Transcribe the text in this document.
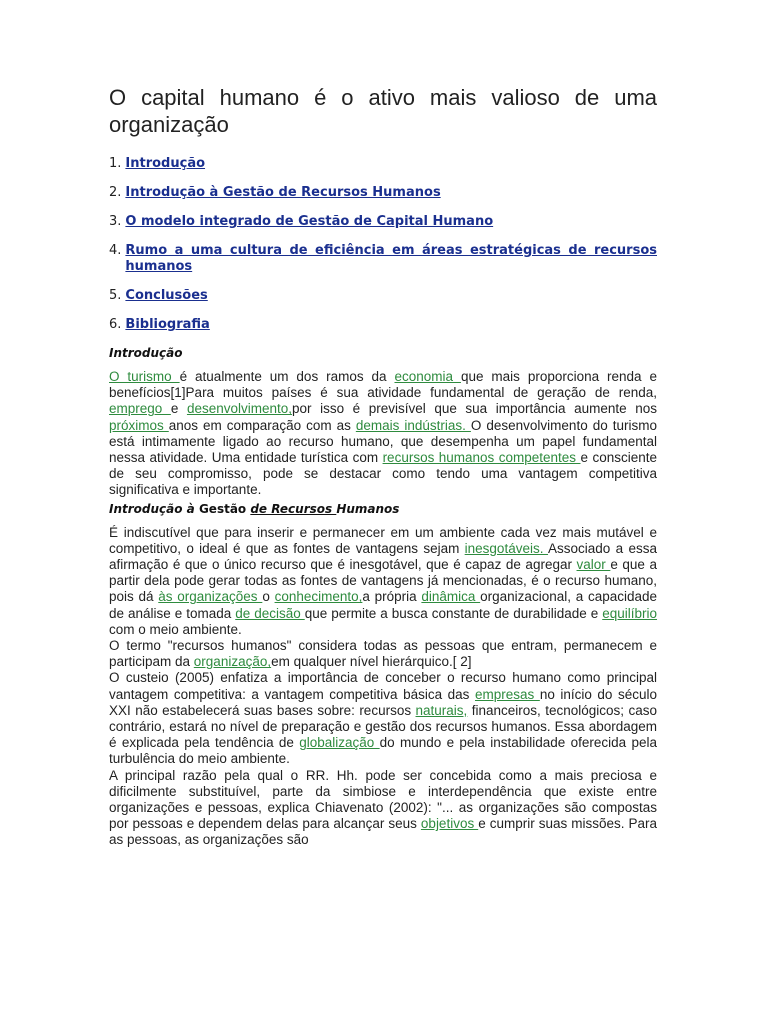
O capital humano é o ativo mais valioso de uma organização
1. Introdução
2. Introdução à Gestão de Recursos Humanos
3. O modelo integrado de Gestão de Capital Humano
4. Rumo a uma cultura de eficiência em áreas estratégicas de recursos humanos
5. Conclusões
6. Bibliografia
Introdução

O turismo é atualmente um dos ramos da economia que mais proporciona renda e benefícios[1]Para muitos países é sua atividade fundamental de geração de renda, emprego e desenvolvimento,por isso é previsível que sua importância aumente nos próximos anos em comparação com as demais indústrias. O desenvolvimento do turismo está intimamente ligado ao recurso humano, que desempenha um papel fundamental nessa atividade. Uma entidade turística com recursos humanos competentes e consciente de seu compromisso, pode se destacar como tendo uma vantagem competitiva significativa e importante.

Introdução à Gestão de Recursos Humanos

É indiscutível que para inserir e permanecer em um ambiente cada vez mais mutável e competitivo, o ideal é que as fontes de vantagens sejam inesgotáveis. Associado a essa afirmação é que o único recurso que é inesgotável, que é capaz de agregar valor e que a partir dela pode gerar todas as fontes de vantagens já mencionadas, é o recurso humano, pois dá às organizações o conhecimento,a própria dinâmica organizacional, a capacidade de análise e tomada de decisão que permite a busca constante de durabilidade e equilíbrio com o meio ambiente.

O termo "recursos humanos" considera todas as pessoas que entram, permanecem e participam da organização,em qualquer nível hierárquico.[ 2]

O custeio (2005) enfatiza a importância de conceber o recurso humano como principal vantagem competitiva: a vantagem competitiva básica das empresas no início do século XXI não estabelecerá suas bases sobre: recursos naturais, financeiros, tecnológicos; caso contrário, estará no nível de preparação e gestão dos recursos humanos. Essa abordagem é explicada pela tendência de globalização do mundo e pela instabilidade oferecida pela turbulência do meio ambiente.

A principal razão pela qual o RR. Hh. pode ser concebida como a mais preciosa e dificilmente substituível, parte da simbiose e interdependência que existe entre organizações e pessoas, explica Chiavenato (2002): "... as organizações são compostas por pessoas e dependem delas para alcançar seus objetivos e cumprir suas missões. Para as pessoas, as organizações são
